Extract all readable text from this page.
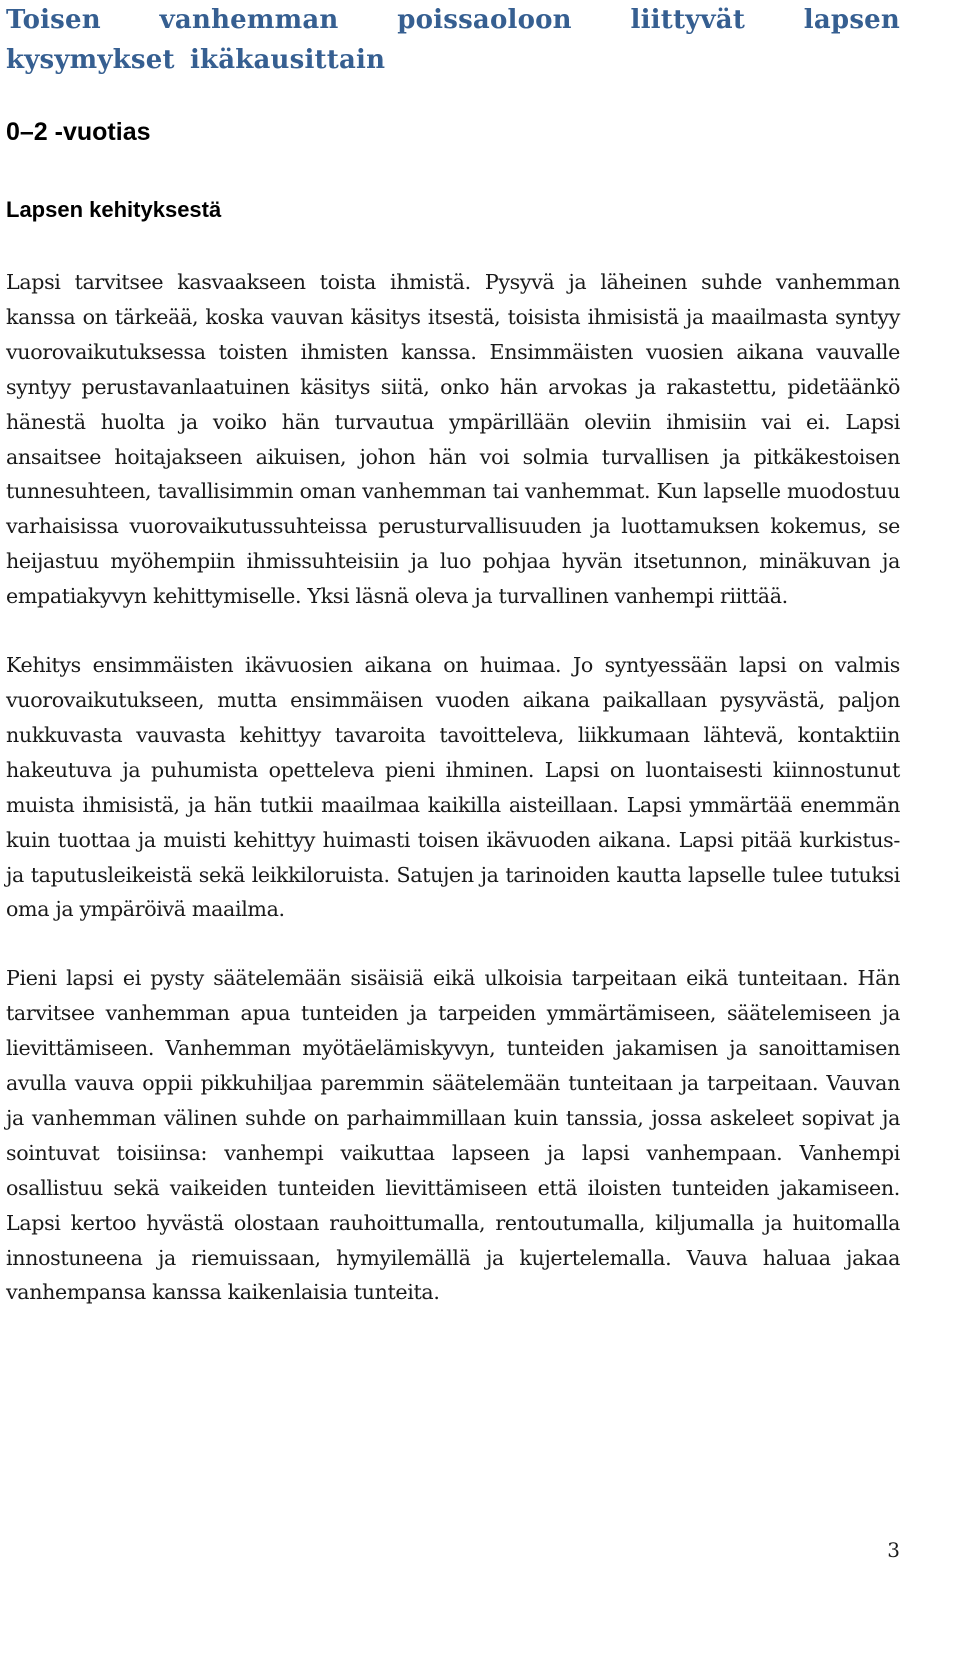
Toisen vanhemman poissaoloon liittyvät lapsen kysymykset ikäkausittain
0–2 -vuotias
Lapsen kehityksestä

Lapsi tarvitsee kasvaakseen toista ihmistä. Pysyvä ja läheinen suhde vanhemman kanssa on tärkeää, koska vauvan käsitys itsestä, toisista ihmisistä ja maailmasta syntyy vuorovaikutuksessa toisten ihmisten kanssa. Ensimmäisten vuosien aikana vauvalle syntyy perustavanlaatuinen käsitys siitä, onko hän arvokas ja rakastettu, pidetäänkö hänestä huolta ja voiko hän turvautua ympärillään oleviin ihmisiin vai ei. Lapsi ansaitsee hoitajakseen aikuisen, johon hän voi solmia turvallisen ja pitkäkestoisen tunnesuhteen, tavallisimmin oman vanhemman tai vanhemmat. Kun lapselle muodostuu varhaisissa vuorovaikutussuhteissa perusturvallisuuden ja luottamuksen kokemus, se heijastuu myöhempiin ihmissuhteisiin ja luo pohjaa hyvän itsetunnon, minäkuvan ja empatiakyvyn kehittymiselle. Yksi läsnä oleva ja turvallinen vanhempi riittää.

Kehitys ensimmäisten ikävuosien aikana on huimaa. Jo syntyessään lapsi on valmis vuorovaikutukseen, mutta ensimmäisen vuoden aikana paikallaan pysyvästä, paljon nukkuvasta vauvasta kehittyy tavaroita tavoitteleva, liikkumaan lähtevä, kontaktiin hakeutuva ja puhumista opetteleva pieni ihminen. Lapsi on luontaisesti kiinnostunut muista ihmisistä, ja hän tutkii maailmaa kaikilla aisteillaan. Lapsi ymmärtää enemmän kuin tuottaa ja muisti kehittyy huimasti toisen ikävuoden aikana. Lapsi pitää kurkistus- ja taputusleikeistä sekä leikkiloruista. Satujen ja tarinoiden kautta lapselle tulee tutuksi oma ja ympäröivä maailma.

Pieni lapsi ei pysty säätelemään sisäisiä eikä ulkoisia tarpeitaan eikä tunteitaan. Hän tarvitsee vanhemman apua tunteiden ja tarpeiden ymmärtämiseen, säätelemiseen ja lievittämiseen. Vanhemman myötäelämiskyvyn, tunteiden jakamisen ja sanoittamisen avulla vauva oppii pikkuhiljaa paremmin säätelemään tunteitaan ja tarpeitaan. Vauvan ja vanhemman välinen suhde on parhaimmillaan kuin tanssia, jossa askeleet sopivat ja sointuvat toisiinsa: vanhempi vaikuttaa lapseen ja lapsi vanhempaan. Vanhempi osallistuu sekä vaikeiden tunteiden lievittämiseen että iloisten tunteiden jakamiseen. Lapsi kertoo hyvästä olostaan rauhoittumalla, rentoutumalla, kiljumalla ja huitomalla innostuneena ja riemuissaan, hymyilemällä ja kujertelemalla. Vauva haluaa jakaa vanhempansa kanssa kaikenlaisia tunteita.

3
